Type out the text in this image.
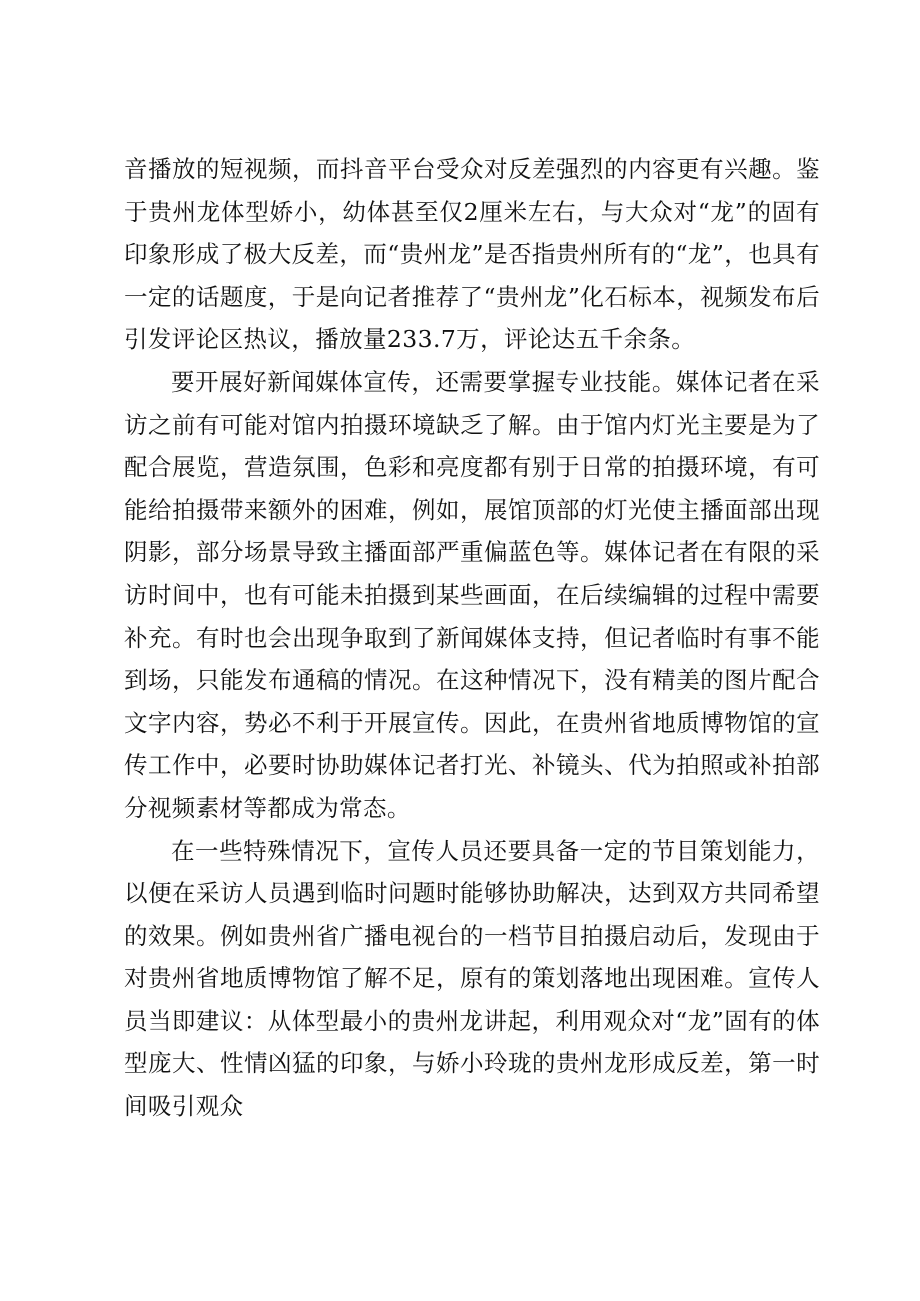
音播放的短视频，而抖音平台受众对反差强烈的内容更有兴趣。鉴于贵州龙体型娇小，幼体甚至仅2厘米左右，与大众对“龙”的固有印象形成了极大反差，而“贵州龙”是否指贵州所有的“龙”，也具有一定的话题度，于是向记者推荐了“贵州龙”化石标本，视频发布后引发评论区热议，播放量233.7万，评论达五千余条。

要开展好新闻媒体宣传，还需要掌握专业技能。媒体记者在采访之前有可能对馆内拍摄环境缺乏了解。由于馆内灯光主要是为了配合展览，营造氛围，色彩和亮度都有别于日常的拍摄环境，有可能给拍摄带来额外的困难，例如，展馆顶部的灯光使主播面部出现阴影，部分场景导致主播面部严重偏蓝色等。媒体记者在有限的采访时间中，也有可能未拍摄到某些画面，在后续编辑的过程中需要补充。有时也会出现争取到了新闻媒体支持，但记者临时有事不能到场，只能发布通稿的情况。在这种情况下，没有精美的图片配合文字内容，势必不利于开展宣传。因此，在贵州省地质博物馆的宣传工作中，必要时协助媒体记者打光、补镜头、代为拍照或补拍部分视频素材等都成为常态。

在一些特殊情况下，宣传人员还要具备一定的节目策划能力，以便在采访人员遇到临时问题时能够协助解决，达到双方共同希望的效果。例如贵州省广播电视台的一档节目拍摄启动后，发现由于对贵州省地质博物馆了解不足，原有的策划落地出现困难。宣传人员当即建议：从体型最小的贵州龙讲起，利用观众对“龙”固有的体型庞大、性情凶猛的印象，与娇小玲珑的贵州龙形成反差，第一时间吸引观众
